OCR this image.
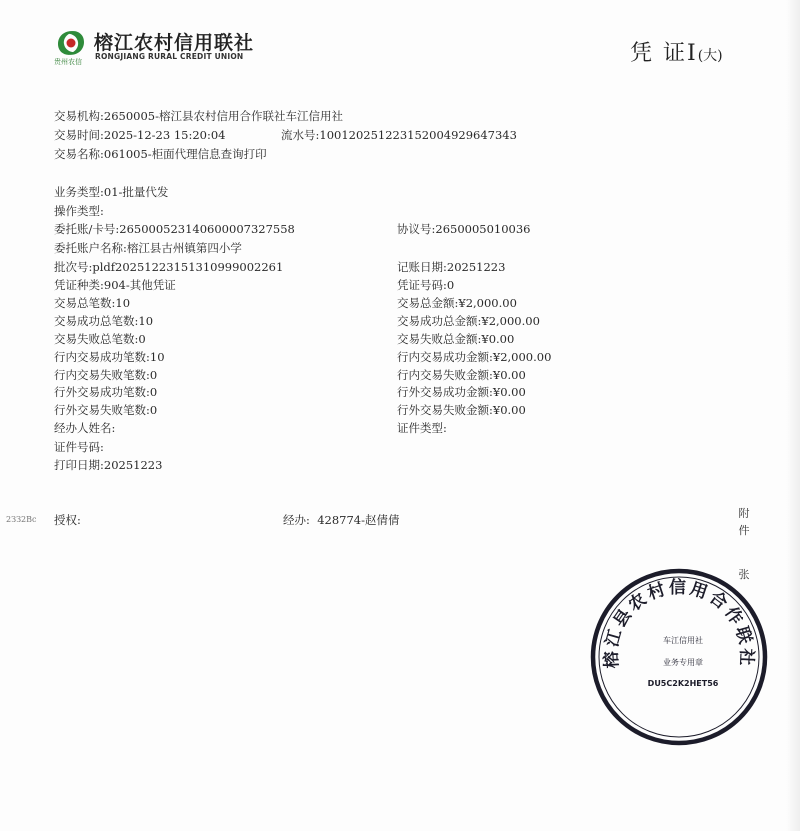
贵州农信
榕江农村信用联社
RONGJIANG RURAL CREDIT UNION	凭 证I(大)
交易机构:2650005-榕江县农村信用合作联社车江信用社
交易时间:2025-12-23 15:20:04	流水号:1001202512231520049296473​43
交易名称:061005-柜面代理信息查询打印
业务类型:01-批量代发
操作类型:
委托账/卡号:2650005231406000073275​58	协议号:2650005010036
委托账户名称:榕江县古州镇第四小学
批次号:pldf20251223151310999002261	记账日期:20251223
凭证种类:904-其他凭证	凭证号码:0
交易总笔数:10	交易总金额:¥2,000.00
交易成功总笔数:10	交易成功总金额:¥2,000.00
交易失败总笔数:0	交易失败总金额:¥0.00
行内交易成功笔数:10	行内交易成功金额:¥2,000.00
行内交易失败笔数:0	行内交易失败金额:¥0.00
行外交易成功笔数:0	行外交易成功金额:¥0.00
行外交易失败笔数:0	行外交易失败金额:¥0.00
经办人姓名:	证件类型:
证件号码:
打印日期:20251223
2ЗЗ2Bc 授权:	经办: 428774-赵倩倩	附
件
张
榕江县农村信用合作联社
车江信用社
业务专用章
DU5C2K2HET56
